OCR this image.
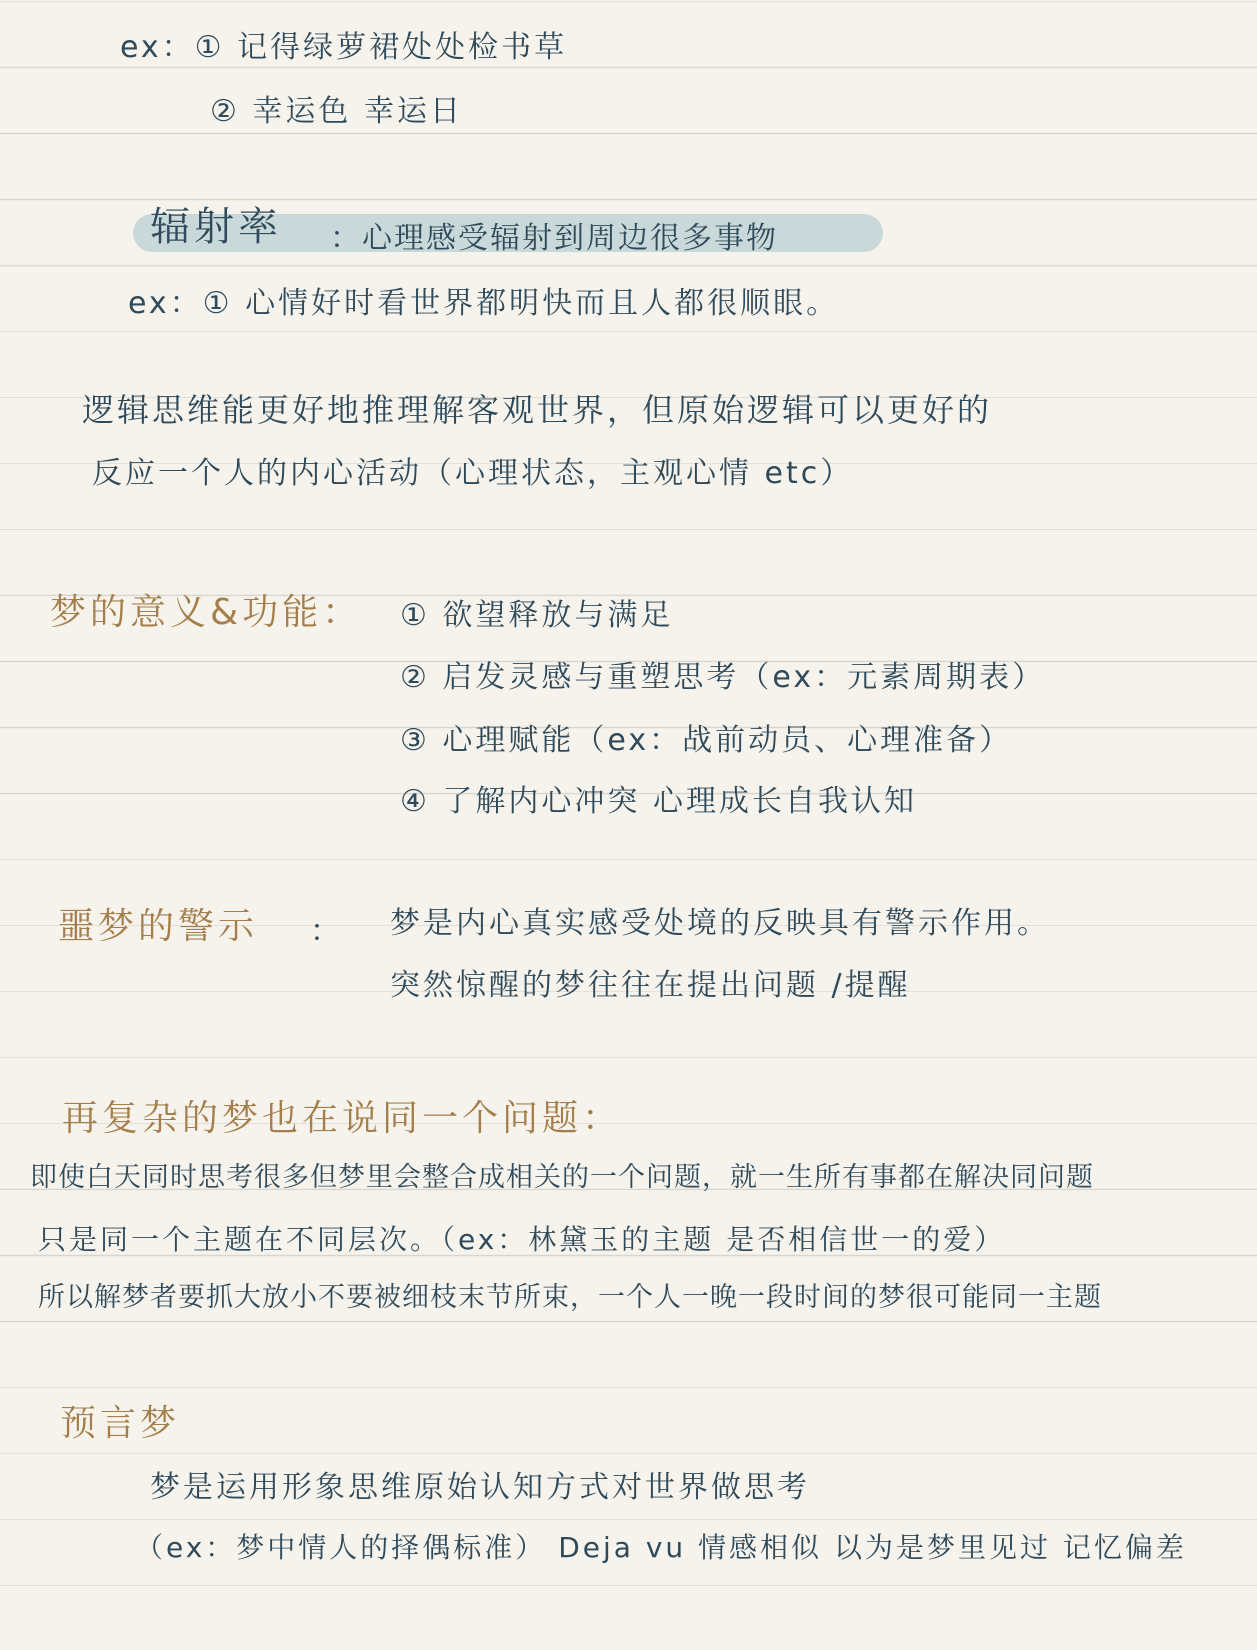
ex：① 记得绿萝裙处处检书草
② 幸运色 幸运日
辐射率 ：心理感受辐射到周边很多事物
ex：① 心情好时看世界都明快而且人都很顺眼。
逻辑思维能更好地推理解客观世界，但原始逻辑可以更好的
反应一个人的内心活动（心理状态，主观心情 etc）
梦的意义&功能： ① 欲望释放与满足
② 启发灵感与重塑思考（ex：元素周期表）
③ 心理赋能（ex：战前动员、心理准备）
④ 了解内心冲突 心理成长自我认知
噩梦的警示 ： 梦是内心真实感受处境的反映具有警示作用。
突然惊醒的梦往往在提出问题 /提醒
再复杂的梦也在说同一个问题：
即使白天同时思考很多但梦里会整合成相关的一个问题，就一生所有事都在解决同问题
只是同一个主题在不同层次。（ex：林黛玉的主题 是否相信世一的爱）
所以解梦者要抓大放小不要被细枝末节所束，一个人一晚一段时间的梦很可能同一主题
预言梦
梦是运用形象思维原始认知方式对世界做思考
（ex：梦中情人的择偶标准） Deja vu 情感相似 以为是梦里见过 记忆偏差
